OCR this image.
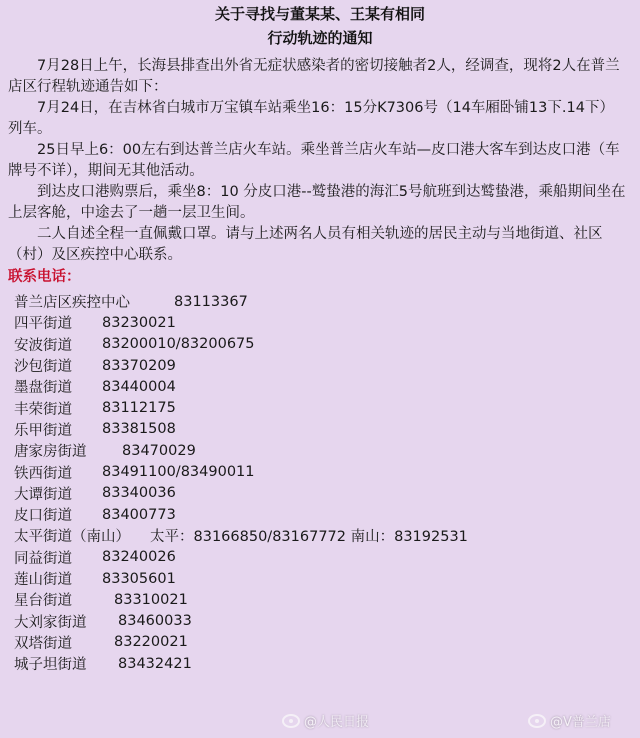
关于寻找与董某某、王某有相同
行动轨迹的通知

7月28日上午，长海县排查出外省无症状感染者的密切接触者2人，经调查，现将2人在普兰店区行程轨迹通告如下：

7月24日，在吉林省白城市万宝镇车站乘坐16：15分K7306号（14车厢卧铺13下.14下）列车。

25日早上6：00左右到达普兰店火车站。乘坐普兰店火车站—皮口港大客车到达皮口港（车牌号不详），期间无其他活动。

到达皮口港购票后，乘坐8：10 分皮口港--鹫蛰港的海汇5号航班到达鹫蛰港，乘船期间坐在上层客舱，中途去了一趟一层卫生间。

二人自述全程一直佩戴口罩。请与上述两名人员有相关轨迹的居民主动与当地街道、社区（村）及区疾控中心联系。

联系电话：
普兰店区疾控中心	83113367
四平街道	83230021
安波街道	83200010/83200675
沙包街道	83370209
墨盘街道	83440004
丰荣街道	83112175
乐甲街道	83381508
唐家房街道	83470029
铁西街道	83491100/83490011
大谭街道	83340036
皮口街道	83400773
太平街道（南山）	太平：83166850/83167772 南山：83192531
同益街道	83240026
莲山街道	83305601
星台街道	83310021
大刘家街道	83460033
双塔街道	83220021
城子坦街道	83432421
@人民日报	@V普兰店
